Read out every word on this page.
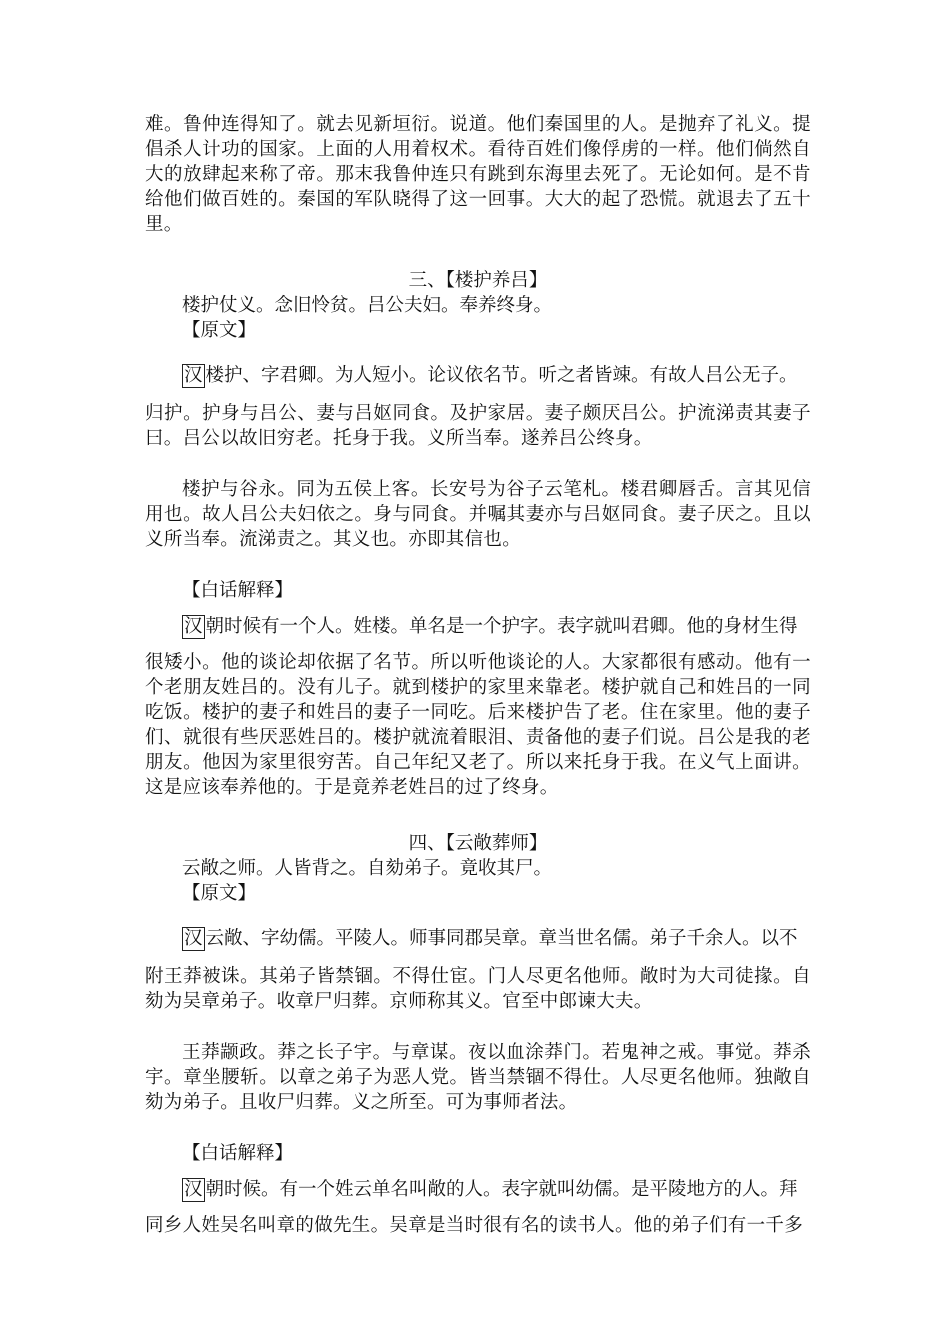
难。鲁仲连得知了。就去见新垣衍。说道。他们秦国里的人。是抛弃了礼义。提倡杀人计功的国家。上面的人用着权术。看待百姓们像俘虏的一样。他们倘然自大的放肆起来称了帝。那末我鲁仲连只有跳到东海里去死了。无论如何。是不肯给他们做百姓的。秦国的军队晓得了这一回事。大大的起了恐慌。就退去了五十里。

三、【楼护养吕】

楼护仗义。念旧怜贫。吕公夫妇。奉养终身。

【原文】

汉 楼护、字君卿。为人短小。论议依名节。听之者皆竦。有故人吕公无子。

归护。护身与吕公、妻与吕妪同食。及护家居。妻子颇厌吕公。护流涕责其妻子曰。吕公以故旧穷老。托身于我。义所当奉。遂养吕公终身。

楼护与谷永。同为五侯上客。长安号为谷子云笔札。楼君卿唇舌。言其见信用也。故人吕公夫妇依之。身与同食。并嘱其妻亦与吕妪同食。妻子厌之。且以义所当奉。流涕责之。其义也。亦即其信也。

【白话解释】

汉 朝时候有一个人。姓楼。单名是一个护字。表字就叫君卿。他的身材生得

很矮小。他的谈论却依据了名节。所以听他谈论的人。大家都很有感动。他有一个老朋友姓吕的。没有儿子。就到楼护的家里来靠老。楼护就自己和姓吕的一同吃饭。楼护的妻子和姓吕的妻子一同吃。后来楼护告了老。住在家里。他的妻子们、就很有些厌恶姓吕的。楼护就流着眼泪、责备他的妻子们说。吕公是我的老朋友。他因为家里很穷苦。自己年纪又老了。所以来托身于我。在义气上面讲。这是应该奉养他的。于是竟养老姓吕的过了终身。

四、【云敞葬师】

云敞之师。人皆背之。自劾弟子。竟收其尸。

【原文】

汉 云敞、字幼儒。平陵人。师事同郡吴章。章当世名儒。弟子千余人。以不

附王莽被诛。其弟子皆禁锢。不得仕宦。门人尽更名他师。敞时为大司徒掾。自劾为吴章弟子。收章尸归葬。京师称其义。官至中郎谏大夫。

王莽颛政。莽之长子宇。与章谋。夜以血涂莽门。若鬼神之戒。事觉。莽杀宇。章坐腰斩。以章之弟子为恶人党。皆当禁锢不得仕。人尽更名他师。独敞自劾为弟子。且收尸归葬。义之所至。可为事师者法。

【白话解释】

汉 朝时候。有一个姓云单名叫敞的人。表字就叫幼儒。是平陵地方的人。拜

同乡人姓吴名叫章的做先生。吴章是当时很有名的读书人。他的弟子们有一千多
